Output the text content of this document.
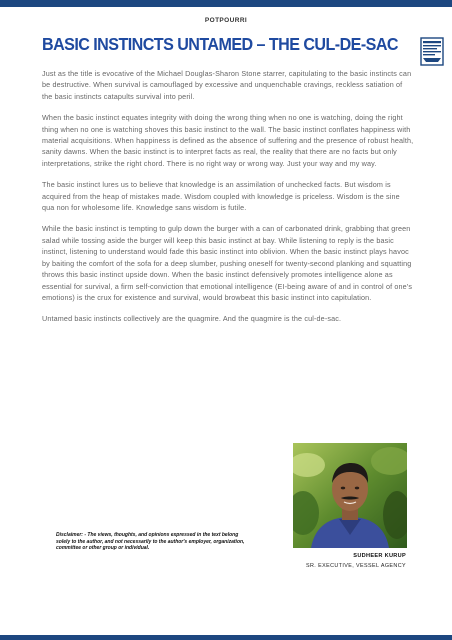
POTPOURRI
BASIC INSTINCTS UNTAMED – THE CUL-DE-SAC

Just as the title is evocative of the Michael Douglas-Sharon Stone starrer, capitulating to the basic instincts can be destructive. When survival is camouflaged by excessive and unquenchable cravings, reckless satiation of the basic instincts catapults survival into peril.

When the basic instinct equates integrity with doing the wrong thing when no one is watching, doing the right thing when no one is watching shoves this basic instinct to the wall. The basic instinct conflates happiness with material acquisitions. When happiness is defined as the absence of suffering and the presence of robust health, sanity dawns. When the basic instinct is to interpret facts as real, the reality that there are no facts but only interpretations, strike the right chord. There is no right way or wrong way. Just your way and my way.

The basic instinct lures us to believe that knowledge is an assimilation of unchecked facts. But wisdom is acquired from the heap of mistakes made. Wisdom coupled with knowledge is priceless. Wisdom is the sine qua non for wholesome life. Knowledge sans wisdom is futile.

While the basic instinct is tempting to gulp down the burger with a can of carbonated drink, grabbing that green salad while tossing aside the burger will keep this basic instinct at bay. While listening to reply is the basic instinct, listening to understand would fade this basic instinct into oblivion. When the basic instinct plays havoc by baiting the comfort of the sofa for a deep slumber, pushing oneself for twenty-second planking and squatting throws this basic instinct upside down. When the basic instinct defensively promotes intelligence alone as essential for survival, a firm self-conviction that emotional intelligence (EI-being aware of and in control of one's emotions) is the crux for existence and survival, would browbeat this basic instinct into capitulation.

Untamed basic instincts collectively are the quagmire. And the quagmire is the cul-de-sac.

Disclaimer: - The views, thoughts, and opinions expressed in the text belong
solely to the author, and not necessarily to the author's employer, organization,
committee or other group or individual.
SUDHEER KURUP
SR. EXECUTIVE, VESSEL AGENCY
